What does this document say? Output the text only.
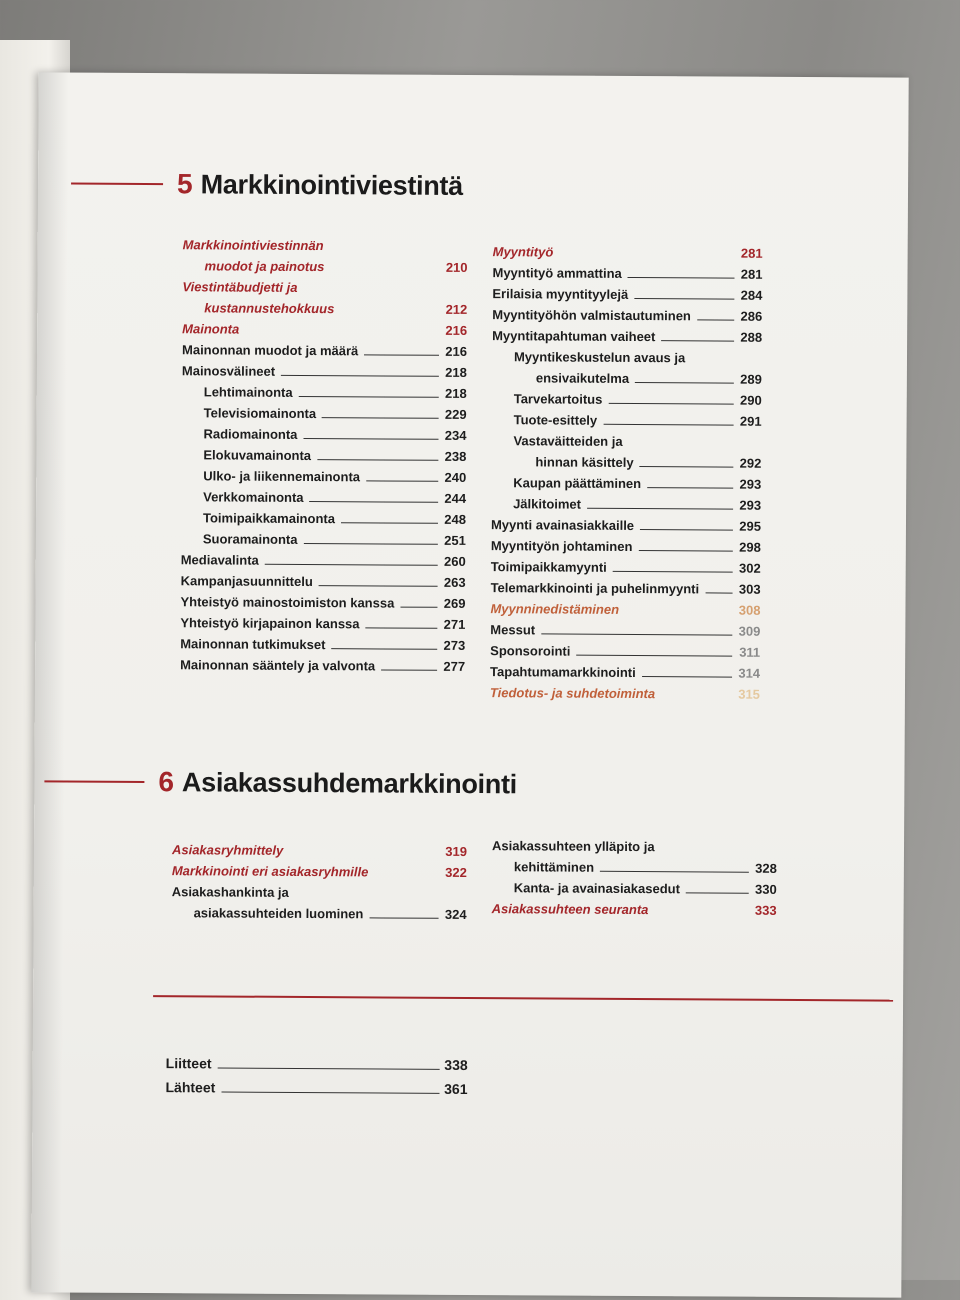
5 Markkinointiviestintä
Markkinointiviestinnän
muodot ja painotus	210
Viestintäbudjetti ja
kustannustehokkuus	212
Mainonta	216
Mainonnan muodot ja määrä	216
Mainosvälineet	218
Lehtimainonta	218
Televisiomainonta	229
Radiomainonta	234
Elokuvamainonta	238
Ulko- ja liikennemainonta	240
Verkkomainonta	244
Toimipaikkamainonta	248
Suoramainonta	251
Mediavalinta	260
Kampanjasuunnittelu	263
Yhteistyö mainostoimiston kanssa	269
Yhteistyö kirjapainon kanssa	271
Mainonnan tutkimukset	273
Mainonnan sääntely ja valvonta	277
Myyntityö	281
Myyntityö ammattina	281
Erilaisia myyntityylejä	284
Myyntityöhön valmistautuminen	286
Myyntitapahtuman vaiheet	288
Myyntikeskustelun avaus ja
ensivaikutelma	289
Tarvekartoitus	290
Tuote-esittely	291
Vastaväitteiden ja
hinnan käsittely	292
Kaupan päättäminen	293
Jälkitoimet	293
Myynti avainasiakkaille	295
Myyntityön johtaminen	298
Toimipaikkamyynti	302
Telemarkkinointi ja puhelinmyynti	303
Myynninedistäminen	308
Messut	309
Sponsorointi	311
Tapahtumamarkkinointi	314
Tiedotus- ja suhdetoiminta	315
6 Asiakassuhdemarkkinointi
Asiakasryhmittely	319
Markkinointi eri asiakasryhmille	322
Asiakashankinta ja
asiakassuhteiden luominen	324
Asiakassuhteen ylläpito ja
kehittäminen	328
Kanta- ja avainasiakasedut	330
Asiakassuhteen seuranta	333
Liitteet	338
Lähteet	361
